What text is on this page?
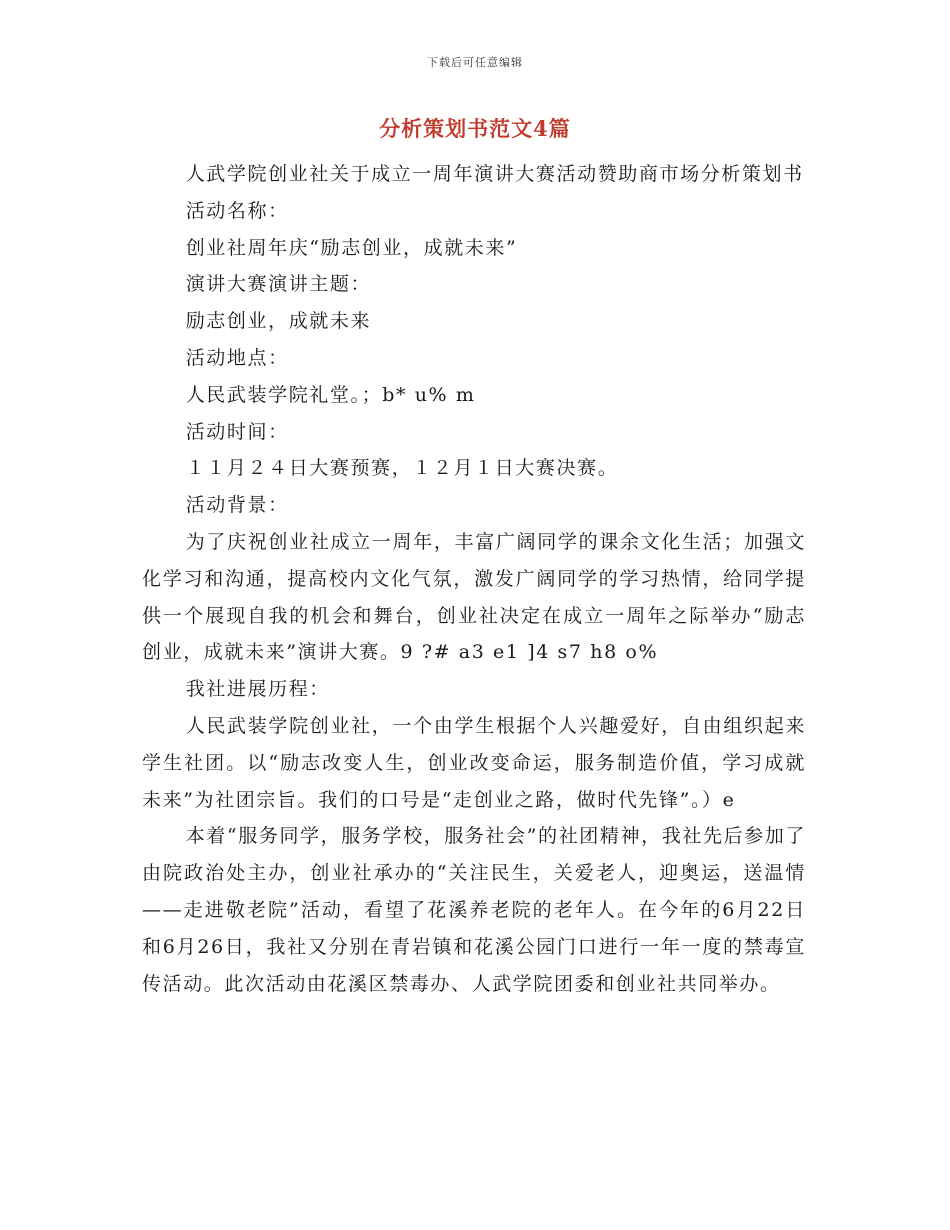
下载后可任意编辑
分析策划书范文4篇

人武学院创业社关于成立一周年演讲大赛活动赞助商市场分析策划书

活动名称：

创业社周年庆“励志创业，成就未来”

演讲大赛演讲主题：

励志创业，成就未来

活动地点：

人民武装学院礼堂。；b* u% m

活动时间：

１１月２４日大赛预赛，１２月１日大赛决赛。

活动背景：

为了庆祝创业社成立一周年，丰富广阔同学的课余文化生活；加强文化学习和沟通，提高校内文化气氛，激发广阔同学的学习热情，给同学提供一个展现自我的机会和舞台，创业社决定在成立一周年之际举办“励志创业，成就未来”演讲大赛。9 ?# a3 e1 ]4 s7 h8 o%

我社进展历程：

人民武装学院创业社，一个由学生根据个人兴趣爱好，自由组织起来学生社团。以“励志改变人生，创业改变命运，服务制造价值，学习成就未来”为社团宗旨。我们的口号是“走创业之路，做时代先锋”。）e

本着“服务同学，服务学校，服务社会”的社团精神，我社先后参加了由院政治处主办，创业社承办的“关注民生，关爱老人，迎奥运，送温情——走进敬老院”活动，看望了花溪养老院的老年人。在今年的6月22日和6月26日，我社又分别在青岩镇和花溪公园门口进行一年一度的禁毒宣传活动。此次活动由花溪区禁毒办、人武学院团委和创业社共同举办。
